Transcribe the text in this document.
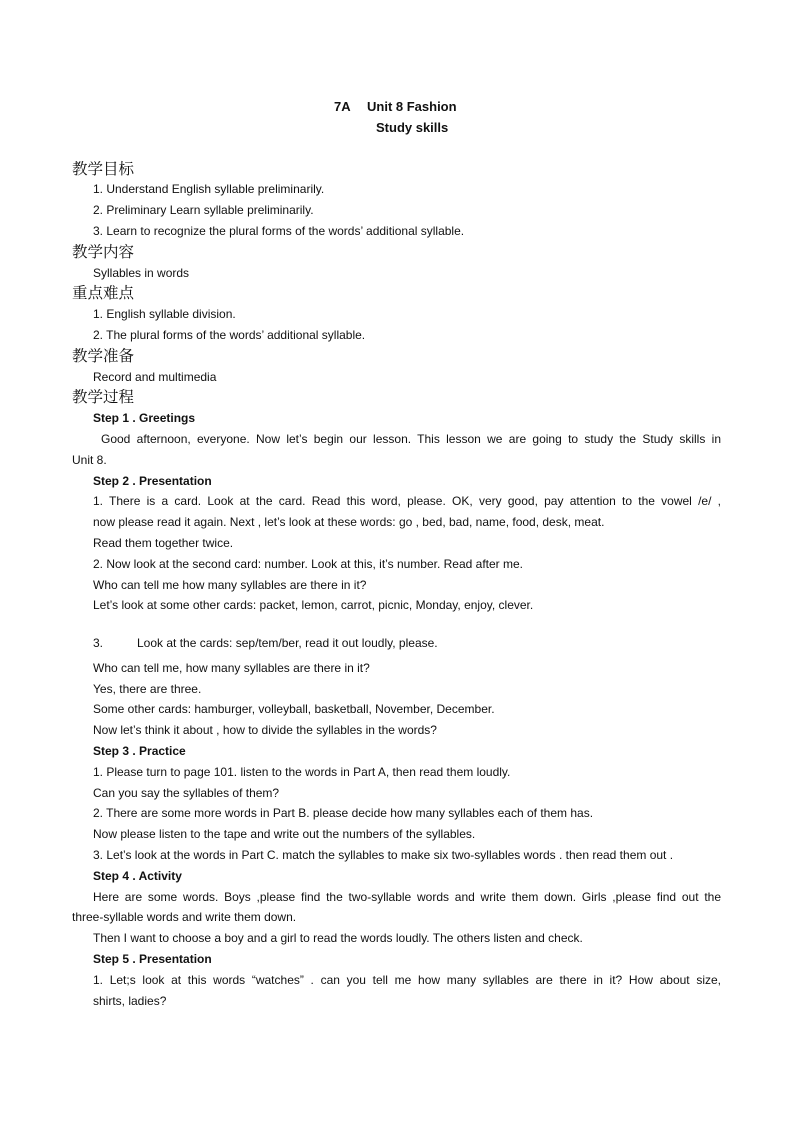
7A Unit 8 Fashion
Study skills
教学目标
1. Understand English syllable preliminarily.
2. Preliminary Learn syllable preliminarily.
3. Learn to recognize the plural forms of the words’ additional syllable.
教学内容
Syllables in words
重点难点
1. English syllable division.
2. The plural forms of the words’ additional syllable.
教学准备
Record and multimedia
教学过程
Step 1 . Greetings
Good afternoon, everyone. Now let’s begin our lesson. This lesson we are going to study the Study skills in
Unit 8.
Step 2 . Presentation
1. There is a card. Look at the card. Read this word, please. OK, very good, pay attention to the vowel /e/ ,
now please read it again. Next , let’s look at these words: go , bed, bad, name, food, desk, meat.
Read them together twice.
2. Now look at the second card: number. Look at this, it’s number. Read after me.
Who can tell me how many syllables are there in it?
Let’s look at some other cards: packet, lemon, carrot, picnic, Monday, enjoy, clever.
3.	Look at the cards: sep/tem/ber, read it out loudly, please.
Who can tell me, how many syllables are there in it?
Yes, there are three.
Some other cards: hamburger, volleyball, basketball, November, December.
Now let’s think it about , how to divide the syllables in the words?
Step 3 . Practice
1. Please turn to page 101. listen to the words in Part A, then read them loudly.
Can you say the syllables of them?
2. There are some more words in Part B. please decide how many syllables each of them has.
Now please listen to the tape and write out the numbers of the syllables.
3. Let’s look at the words in Part C. match the syllables to make six two-syllables words . then read them out .
Step 4 . Activity
Here are some words. Boys ,please find the two-syllable words and write them down. Girls ,please find out the
three-syllable words and write them down.
Then I want to choose a boy and a girl to read the words loudly. The others listen and check.
Step 5 . Presentation
1. Let;s look at this words “watches” . can you tell me how many syllables are there in it? How about size,
shirts, ladies?
